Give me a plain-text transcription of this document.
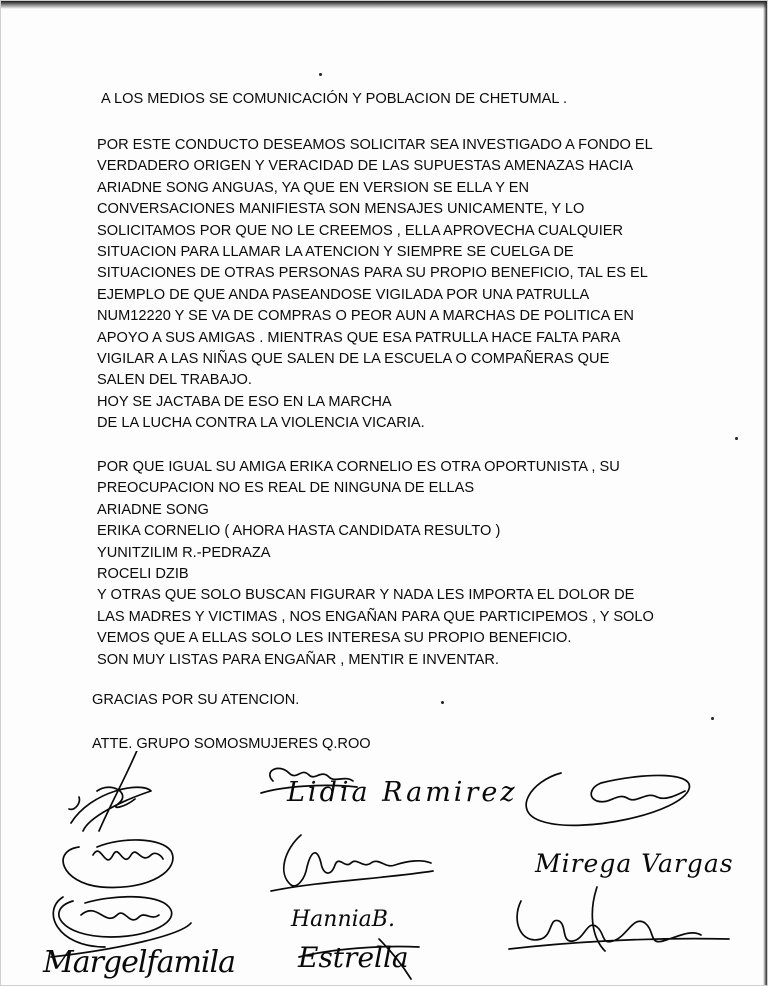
A LOS MEDIOS SE COMUNICACIÓN Y POBLACION DE CHETUMAL .
POR ESTE CONDUCTO DESEAMOS SOLICITAR SEA INVESTIGADO A FONDO EL
VERDADERO ORIGEN Y VERACIDAD DE LAS SUPUESTAS AMENAZAS HACIA
ARIADNE SONG ANGUAS, YA QUE EN VERSION SE ELLA Y EN
CONVERSACIONES MANIFIESTA SON MENSAJES UNICAMENTE, Y LO
SOLICITAMOS POR QUE NO LE CREEMOS , ELLA APROVECHA CUALQUIER
SITUACION PARA LLAMAR LA ATENCION Y SIEMPRE SE CUELGA DE
SITUACIONES DE OTRAS PERSONAS PARA SU PROPIO BENEFICIO, TAL ES EL
EJEMPLO DE QUE ANDA PASEANDOSE VIGILADA POR UNA PATRULLA
NUM12220 Y SE VA DE COMPRAS O PEOR AUN A MARCHAS DE POLITICA EN
APOYO A SUS AMIGAS . MIENTRAS QUE ESA PATRULLA HACE FALTA PARA
VIGILAR A LAS NIÑAS QUE SALEN DE LA ESCUELA O COMPAÑERAS QUE
SALEN DEL TRABAJO.
HOY SE JACTABA DE ESO EN LA MARCHA
DE LA LUCHA CONTRA LA VIOLENCIA VICARIA.
POR QUE IGUAL SU AMIGA ERIKA CORNELIO ES OTRA OPORTUNISTA , SU
PREOCUPACION NO ES REAL DE NINGUNA DE ELLAS
ARIADNE SONG
ERIKA CORNELIO ( AHORA HASTA CANDIDATA RESULTO )
YUNITZILIM R.-PEDRAZA
ROCELI DZIB
Y OTRAS QUE SOLO BUSCAN FIGURAR Y NADA LES IMPORTA EL DOLOR DE
LAS MADRES Y VICTIMAS , NOS ENGAÑAN PARA QUE PARTICIPEMOS , Y SOLO
VEMOS QUE A ELLAS SOLO LES INTERESA SU PROPIO BENEFICIO.
SON MUY LISTAS PARA ENGAÑAR , MENTIR E INVENTAR.
GRACIAS POR SU ATENCION.
ATTE. GRUPO SOMOSMUJERES Q.ROO
Lidia Ramirez
Mirega Vargas
HanniaB.
Estrella
Margelfamila
